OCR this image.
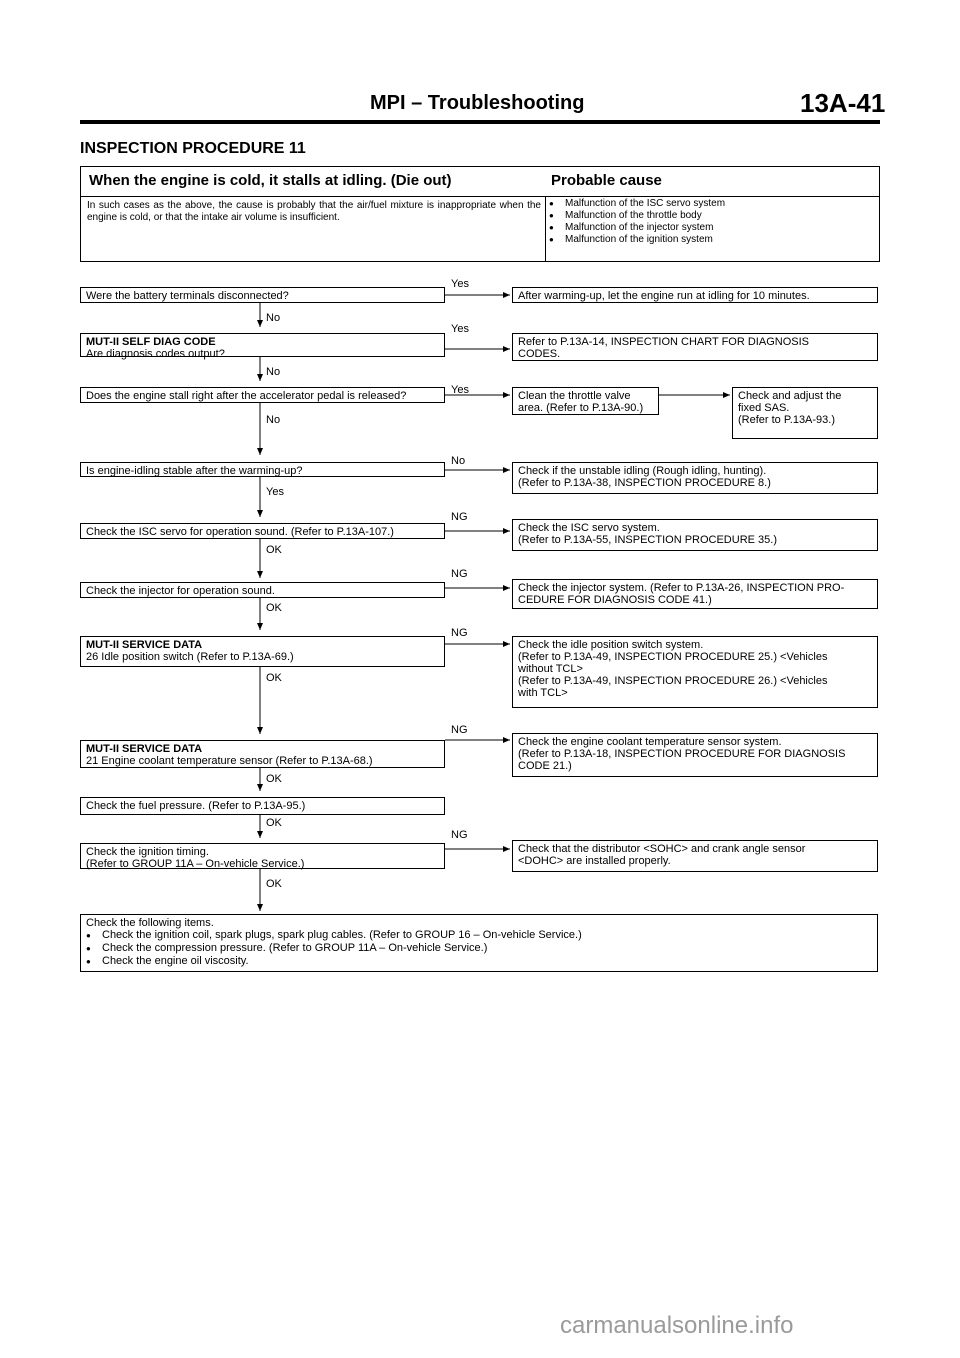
MPI – Troubleshooting	13A-41
INSPECTION PROCEDURE 11
When the engine is cold, it stalls at idling. (Die out)	Probable cause
In such cases as the above, the cause is probably that the air/fuel mixture is inappropriate when the engine is cold, or that the intake air volume is insufficient.
● Malfunction of the ISC servo system
● Malfunction of the throttle body
● Malfunction of the injector system
● Malfunction of the ignition system
Yes
No
Yes
No
Yes
No
No
Yes
NG
OK
NG
OK
NG
OK
NG
OK
OK
NG
OK
Were the battery terminals disconnected?
MUT-II SELF DIAG CODE
Are diagnosis codes output?
Does the engine stall right after the accelerator pedal is released?
Is engine-idling stable after the warming-up?
Check the ISC servo for operation sound. (Refer to P.13A-107.)
Check the injector for operation sound.
MUT-II SERVICE DATA
26 Idle position switch (Refer to P.13A-69.)
MUT-II SERVICE DATA
21 Engine coolant temperature sensor (Refer to P.13A-68.)
Check the fuel pressure. (Refer to P.13A-95.)
Check the ignition timing.
(Refer to GROUP 11A – On-vehicle Service.)
Check the following items.
● Check the ignition coil, spark plugs, spark plug cables. (Refer to GROUP 16 – On-vehicle Service.)
● Check the compression pressure. (Refer to GROUP 11A – On-vehicle Service.)
● Check the engine oil viscosity.
After warming-up, let the engine run at idling for 10 minutes.
Refer to P.13A-14, INSPECTION CHART FOR DIAGNOSIS
CODES.
Clean the throttle valve
area. (Refer to P.13A-90.)
Check and adjust the
fixed SAS.
(Refer to P.13A-93.)
Check if the unstable idling (Rough idling, hunting).
(Refer to P.13A-38, INSPECTION PROCEDURE 8.)
Check the ISC servo system.
(Refer to P.13A-55, INSPECTION PROCEDURE 35.)
Check the injector system. (Refer to P.13A-26, INSPECTION PRO-
CEDURE FOR DIAGNOSIS CODE 41.)
Check the idle position switch system.
(Refer to P.13A-49, INSPECTION PROCEDURE 25.) <Vehicles
without TCL>
(Refer to P.13A-49, INSPECTION PROCEDURE 26.) <Vehicles
with TCL>
Check the engine coolant temperature sensor system.
(Refer to P.13A-18, INSPECTION PROCEDURE FOR DIAGNOSIS
CODE 21.)
Check that the distributor <SOHC> and crank angle sensor
<DOHC> are installed properly.
carmanualsonline.info
